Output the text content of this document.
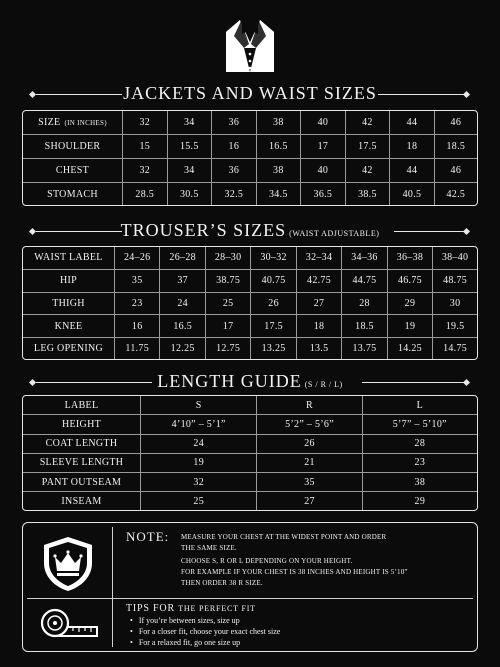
JACKETS AND WAIST SIZES
SIZE (IN INCHES)	32	34	36	38	40	42	44	46
SHOULDER	15	15.5	16	16.5	17	17.5	18	18.5
CHEST	32	34	36	38	40	42	44	46
STOMACH	28.5	30.5	32.5	34.5	36.5	38.5	40.5	42.5
TROUSER’S SIZES (WAIST ADJUSTABLE)
WAIST LABEL	24–26	26–28	28–30	30–32	32–34	34–36	36–38	38–40
HIP	35	37	38.75	40.75	42.75	44.75	46.75	48.75
THIGH	23	24	25	26	27	28	29	30
KNEE	16	16.5	17	17.5	18	18.5	19	19.5
LEG OPENING	11.75	12.25	12.75	13.25	13.5	13.75	14.25	14.75
LENGTH GUIDE (S / R / L)
LABEL	S	R	L
HEIGHT	4’10” – 5’1”	5’2” – 5’6”	5’7” – 5’10”
COAT LENGTH	24	26	28
SLEEVE LENGTH	19	21	23
PANT OUTSEAM	32	35	38
INSEAM	25	27	29
NOTE: MEASURE YOUR CHEST AT THE WIDEST POINT AND ORDER
THE SAME SIZE.
CHOOSE S, R OR L DEPENDING ON YOUR HEIGHT.
FOR EXAMPLE IF YOUR CHEST IS 38 INCHES AND HEIGHT IS 5’10”
THEN ORDER 38 R SIZE.
TIPS FOR THE PERFECT FIT
• If you’re between sizes, size up
• For a closer fit, choose your exact chest size
• For a relaxed fit, go one size up
